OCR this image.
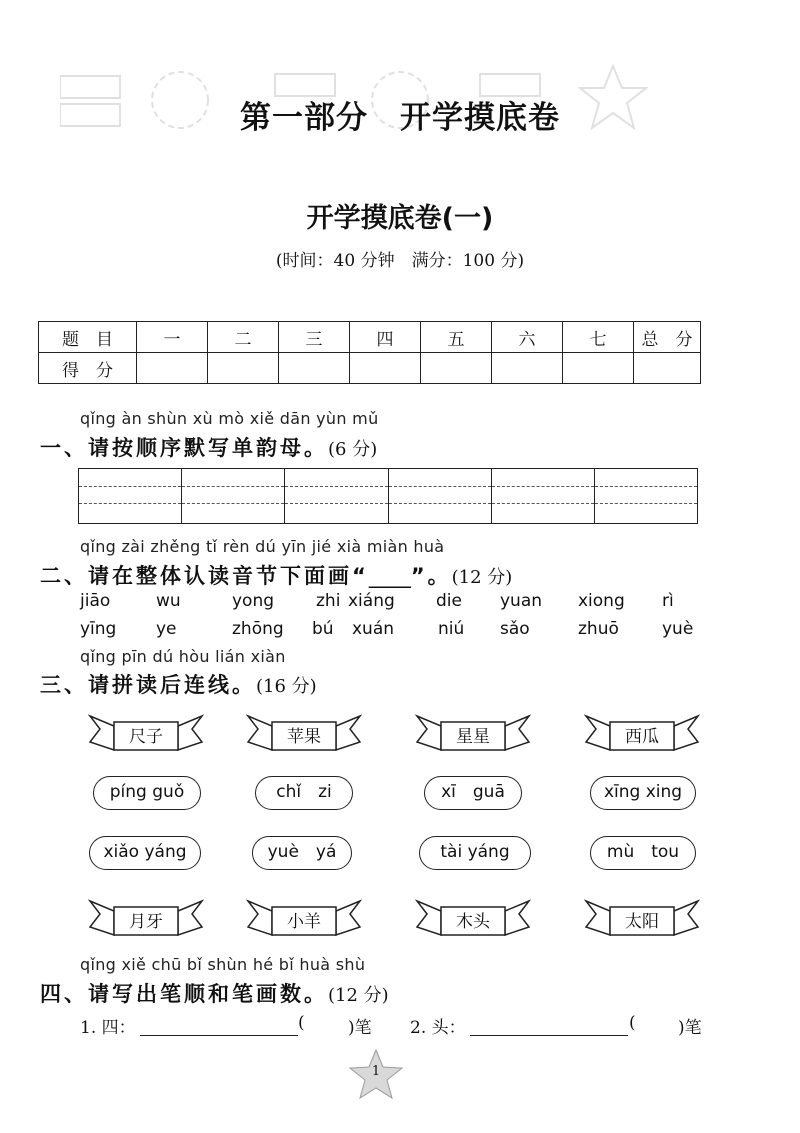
第一部分　开学摸底卷
开学摸底卷(一)
(时间：40 分钟　满分：100 分)
题　目	一	二	三	四	五	六	七	总　分
得　分								
qǐng àn shùn xù mò xiě dān yùn mǔ
一、请按顺序默写单韵母。(6 分)
qǐng zài zhěng tǐ rèn dú yīn jié xià miàn huà
二、请在整体认读音节下面画“____”。(12 分)
jiāo	wu	yong zhi xiáng die yuan xiong rì
yīng ye	zhōng bú xuán	niú sǎo	zhuō	yuè
qǐng pīn dú hòu lián xiàn
三、请拼读后连线。(16 分)
尺子	苹果	星星	西瓜
píng guǒ	chǐ　zi	xī　guā	xīng xing
xiǎo yáng	yuè　yá	tài yáng	mù　tou
月牙	小羊	木头	太阳
qǐng xiě chū bǐ shùn hé bǐ huà shù
四、请写出笔顺和笔画数。(12 分)
1. 四：	(	)笔 2. 头：	( )笔
1
